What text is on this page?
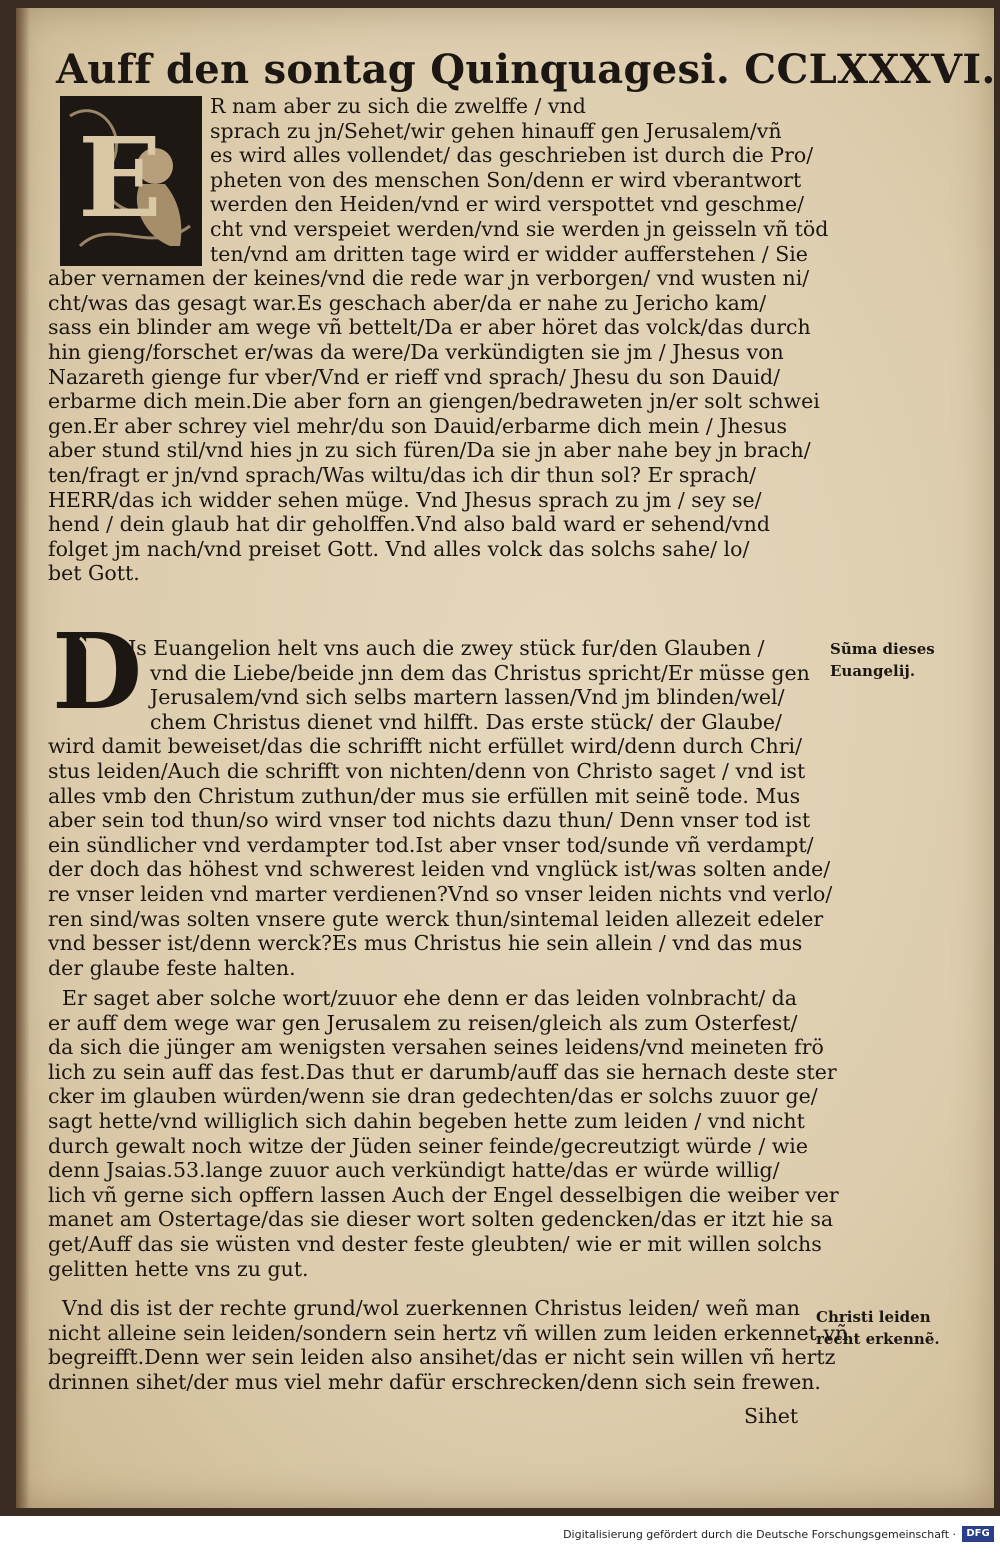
Auff den sontag Quinquagesi. CCLXXXVI.
E
D
R nam aber zu sich die zwelffe / vnd
sprach zu jn/Sehet/wir gehen hinauff gen Jerusalem/vñ
es wird alles vollendet/ das geschrieben ist durch die Pro/
pheten von des menschen Son/denn er wird vberantwort
werden den Heiden/vnd er wird verspottet vnd geschme/
cht vnd verspeiet werden/vnd sie werden jn geisseln vñ töd
ten/vnd am dritten tage wird er widder aufferstehen / Sie
aber vernamen der keines/vnd die rede war jn verborgen/ vnd wusten ni/
cht/was das gesagt war.Es geschach aber/da er nahe zu Jericho kam/
sass ein blinder am wege vñ bettelt/Da er aber höret das volck/das durch
hin gieng/forschet er/was da were/Da verkündigten sie jm / Jhesus von
Nazareth gienge fur vber/Vnd er rieff vnd sprach/ Jhesu du son Dauid/
erbarme dich mein.Die aber forn an giengen/bedraweten jn/er solt schwei
gen.Er aber schrey viel mehr/du son Dauid/erbarme dich mein / Jhesus
aber stund stil/vnd hies jn zu sich füren/Da sie jn aber nahe bey jn brach/
ten/fragt er jn/vnd sprach/Was wiltu/das ich dir thun sol? Er sprach/
HERR/das ich widder sehen müge. Vnd Jhesus sprach zu jm / sey se/
hend / dein glaub hat dir geholffen.Vnd also bald ward er sehend/vnd
folget jm nach/vnd preiset Gott. Vnd alles volck das solchs sahe/ lo/
bet Gott.
Js Euangelion helt vns auch die zwey stück fur/den Glauben /
vnd die Liebe/beide jnn dem das Christus spricht/Er müsse gen
Jerusalem/vnd sich selbs martern lassen/Vnd jm blinden/wel/
chem Christus dienet vnd hilfft. Das erste stück/ der Glaube/
wird damit beweiset/das die schrifft nicht erfüllet wird/denn durch Chri/
stus leiden/Auch die schrifft von nichten/denn von Christo saget / vnd ist
alles vmb den Christum zuthun/der mus sie erfüllen mit seinẽ tode. Mus
aber sein tod thun/so wird vnser tod nichts dazu thun/ Denn vnser tod ist
ein sündlicher vnd verdampter tod.Ist aber vnser tod/sunde vñ verdampt/
der doch das höhest vnd schwerest leiden vnd vnglück ist/was solten ande/
re vnser leiden vnd marter verdienen?Vnd so vnser leiden nichts vnd verlo/
ren sind/was solten vnsere gute werck thun/sintemal leiden allezeit edeler
vnd besser ist/denn werck?Es mus Christus hie sein allein / vnd das mus
der glaube feste halten.
Er saget aber solche wort/zuuor ehe denn er das leiden volnbracht/ da
er auff dem wege war gen Jerusalem zu reisen/gleich als zum Osterfest/
da sich die jünger am wenigsten versahen seines leidens/vnd meineten frö
lich zu sein auff das fest.Das thut er darumb/auff das sie hernach deste ster
cker im glauben würden/wenn sie dran gedechten/das er solchs zuuor ge/
sagt hette/vnd williglich sich dahin begeben hette zum leiden / vnd nicht
durch gewalt noch witze der Jüden seiner feinde/gecreutzigt würde / wie
denn Jsaias.53.lange zuuor auch verkündigt hatte/das er würde willig/
lich vñ gerne sich opffern lassen Auch der Engel desselbigen die weiber ver
manet am Ostertage/das sie dieser wort solten gedencken/das er itzt hie sa
get/Auff das sie wüsten vnd dester feste gleubten/ wie er mit willen solchs
gelitten hette vns zu gut.
Vnd dis ist der rechte grund/wol zuerkennen Christus leiden/ weñ man
nicht alleine sein leiden/sondern sein hertz vñ willen zum leiden erkennet vñ
begreifft.Denn wer sein leiden also ansihet/das er nicht sein willen vñ hertz
drinnen sihet/der mus viel mehr dafür erschrecken/denn sich sein frewen.
Sũma dieses
Euangelij.
Christi leiden
recht erkennẽ.
Sihet
Digitalisierung gefördert durch die Deutsche Forschungsgemeinschaft ·	DFG
